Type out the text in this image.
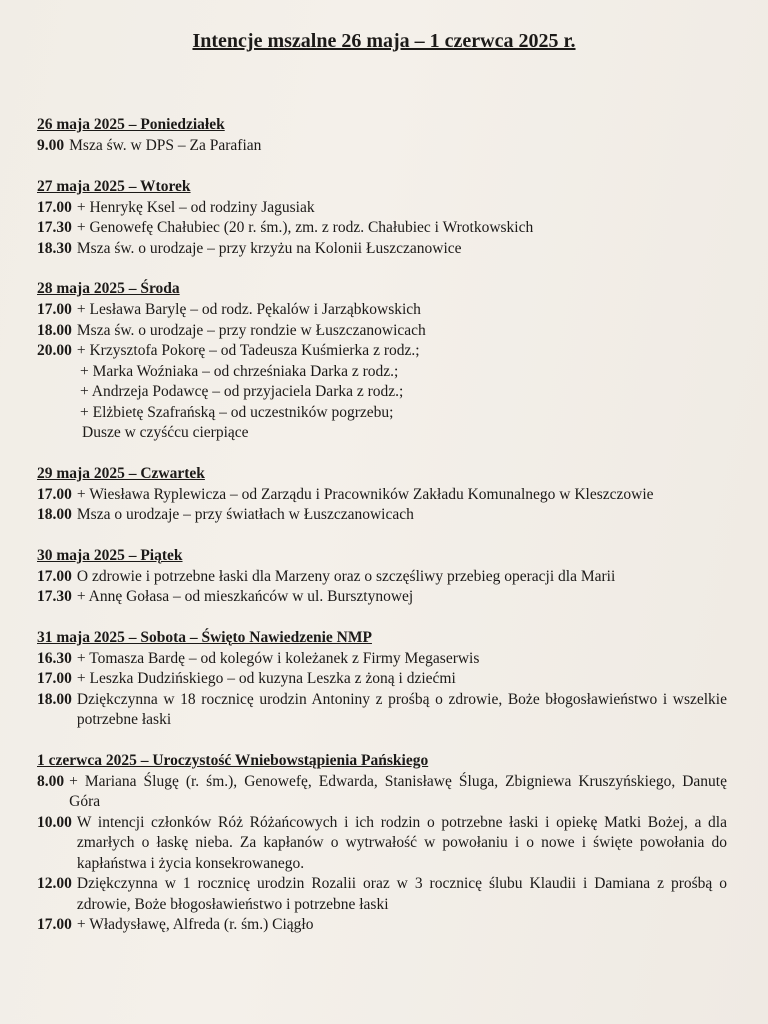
Intencje mszalne 26 maja – 1 czerwca 2025 r.
26 maja 2025 – Poniedziałek
9.00 Msza św. w DPS – Za Parafian
27 maja 2025 – Wtorek
17.00 + Henrykę Ksel – od rodziny Jagusiak
17.30 + Genowefę Chałubiec (20 r. śm.), zm. z rodz. Chałubiec i Wrotkowskich
18.30 Msza św. o urodzaje – przy krzyżu na Kolonii Łuszczanowice
28 maja 2025 – Środa
17.00 + Lesława Barylę – od rodz. Pękalów i Jarząbkowskich
18.00 Msza św. o urodzaje – przy rondzie w Łuszczanowicach
20.00 + Krzysztofa Pokorę – od Tadeusza Kuśmierka z rodz.;
+ Marka Woźniaka – od chrześniaka Darka z rodz.;
+ Andrzeja Podawcę – od przyjaciela Darka z rodz.;
+ Elżbietę Szafrańską – od uczestników pogrzebu;
Dusze w czyśćcu cierpiące
29 maja 2025 – Czwartek
17.00 + Wiesława Ryplewicza – od Zarządu i Pracowników Zakładu Komunalnego w Kleszczowie
18.00 Msza o urodzaje – przy światłach w Łuszczanowicach
30 maja 2025 – Piątek
17.00 O zdrowie i potrzebne łaski dla Marzeny oraz o szczęśliwy przebieg operacji dla Marii
17.30 + Annę Gołasa – od mieszkańców w ul. Bursztynowej
31 maja 2025 – Sobota – Święto Nawiedzenie NMP
16.30 + Tomasza Bardę – od kolegów i koleżanek z Firmy Megaserwis
17.00 + Leszka Dudzińskiego – od kuzyna Leszka z żoną i dziećmi
18.00 Dziękczynna w 18 rocznicę urodzin Antoniny z prośbą o zdrowie, Boże błogosławieństwo i wszelkie potrzebne łaski
1 czerwca 2025 – Uroczystość Wniebowstąpienia Pańskiego
8.00 + Mariana Ślugę (r. śm.), Genowefę, Edwarda, Stanisławę Śluga, Zbigniewa Kruszyńskiego, Danutę Góra
10.00 W intencji członków Róż Różańcowych i ich rodzin o potrzebne łaski i opiekę Matki Bożej, a dla zmarłych o łaskę nieba. Za kapłanów o wytrwałość w powołaniu i o nowe i święte powołania do kapłaństwa i życia konsekrowanego.
12.00 Dziękczynna w 1 rocznicę urodzin Rozalii oraz w 3 rocznicę ślubu Klaudii i Damiana z prośbą o zdrowie, Boże błogosławieństwo i potrzebne łaski
17.00 + Władysławę, Alfreda (r. śm.) Ciągło
